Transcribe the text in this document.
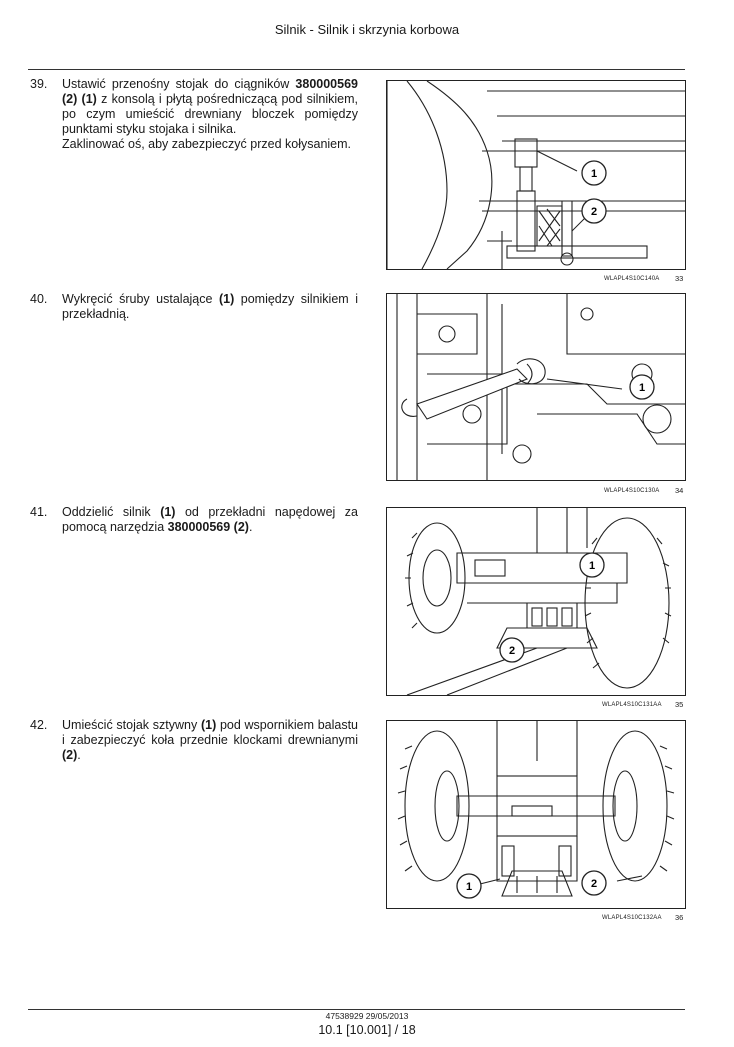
Silnik - Silnik i skrzynia korbowa
39. Ustawić przenośny stojak do ciągników 380000569 (2) (1) z konsolą i płytą pośredniczącą pod silnikiem, po czym umieścić drewniany bloczek pomiędzy punktami styku stojaka i silnika.
Zaklinować oś, aby zabezpieczyć przed kołysaniem.
1
2
WLAPL4S10C140A 33
40. Wykręcić śruby ustalające (1) pomiędzy silnikiem i przekładnią.
1
WLAPL4S10C130A 34
41. Oddzielić silnik (1) od przekładni napędowej za pomocą narzędzia 380000569 (2).
1
2
WLAPL4S10C131AA 35
42. Umieścić stojak sztywny (1) pod wspornikiem balastu i zabezpieczyć koła przednie klockami drewnianymi (2).
1	2
WLAPL4S10C132AA 36
47538929 29/05/2013
10.1 [10.001] / 18
